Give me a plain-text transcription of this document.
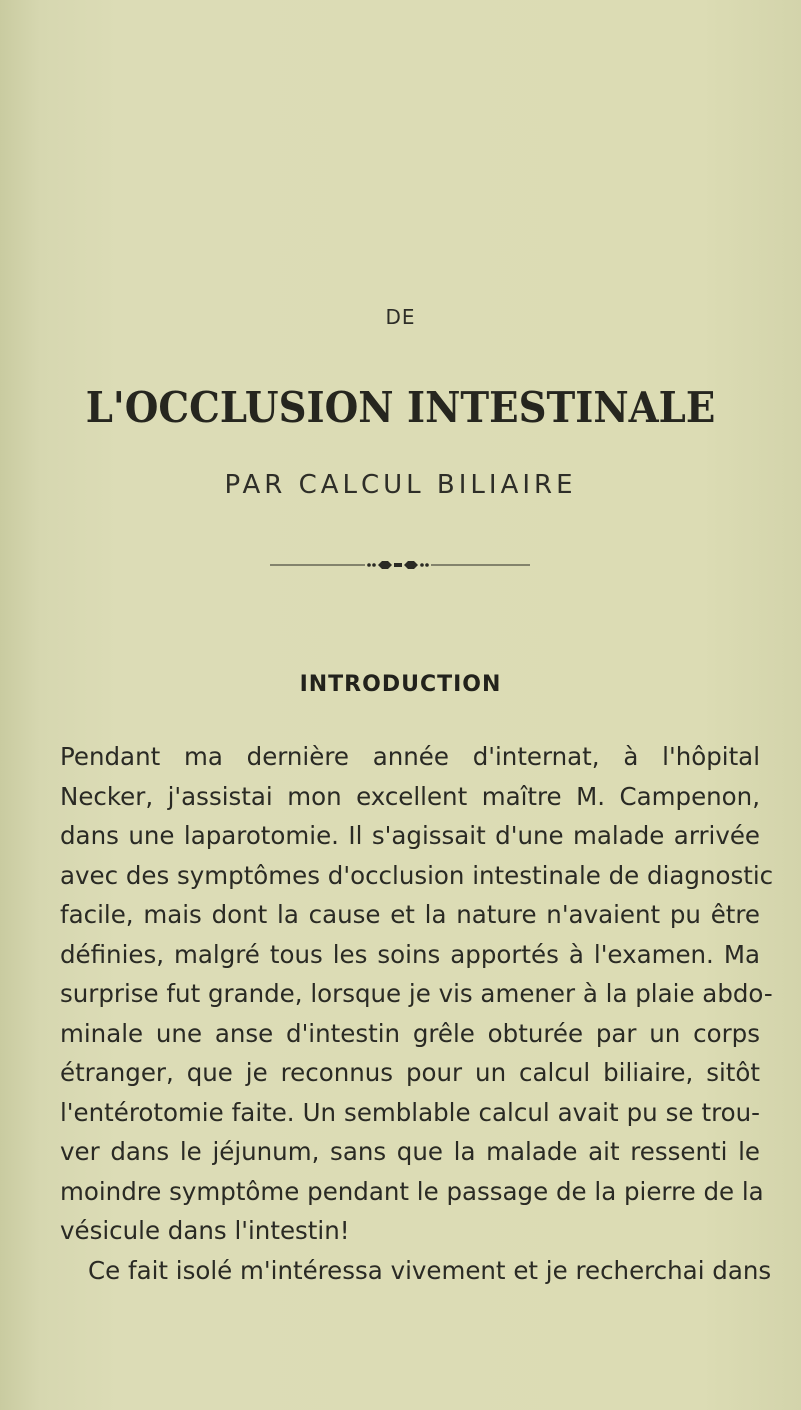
DE
L'OCCLUSION INTESTINALE
PAR CALCUL BILIAIRE
INTRODUCTION
Pendant ma dernière année d'internat, à l'hôpital
Necker, j'assistai mon excellent maître M. Campenon,
dans une laparotomie. Il s'agissait d'une malade arrivée
avec des symptômes d'occlusion intestinale de diagnostic
facile, mais dont la cause et la nature n'avaient pu être
définies, malgré tous les soins apportés à l'examen. Ma
surprise fut grande, lorsque je vis amener à la plaie abdo-
minale une anse d'intestin grêle obturée par un corps
étranger, que je reconnus pour un calcul biliaire, sitôt
l'entérotomie faite. Un semblable calcul avait pu se trou-
ver dans le jéjunum, sans que la malade ait ressenti le
moindre symptôme pendant le passage de la pierre de la
vésicule dans l'intestin!
Ce fait isolé m'intéressa vivement et je recherchai dans
